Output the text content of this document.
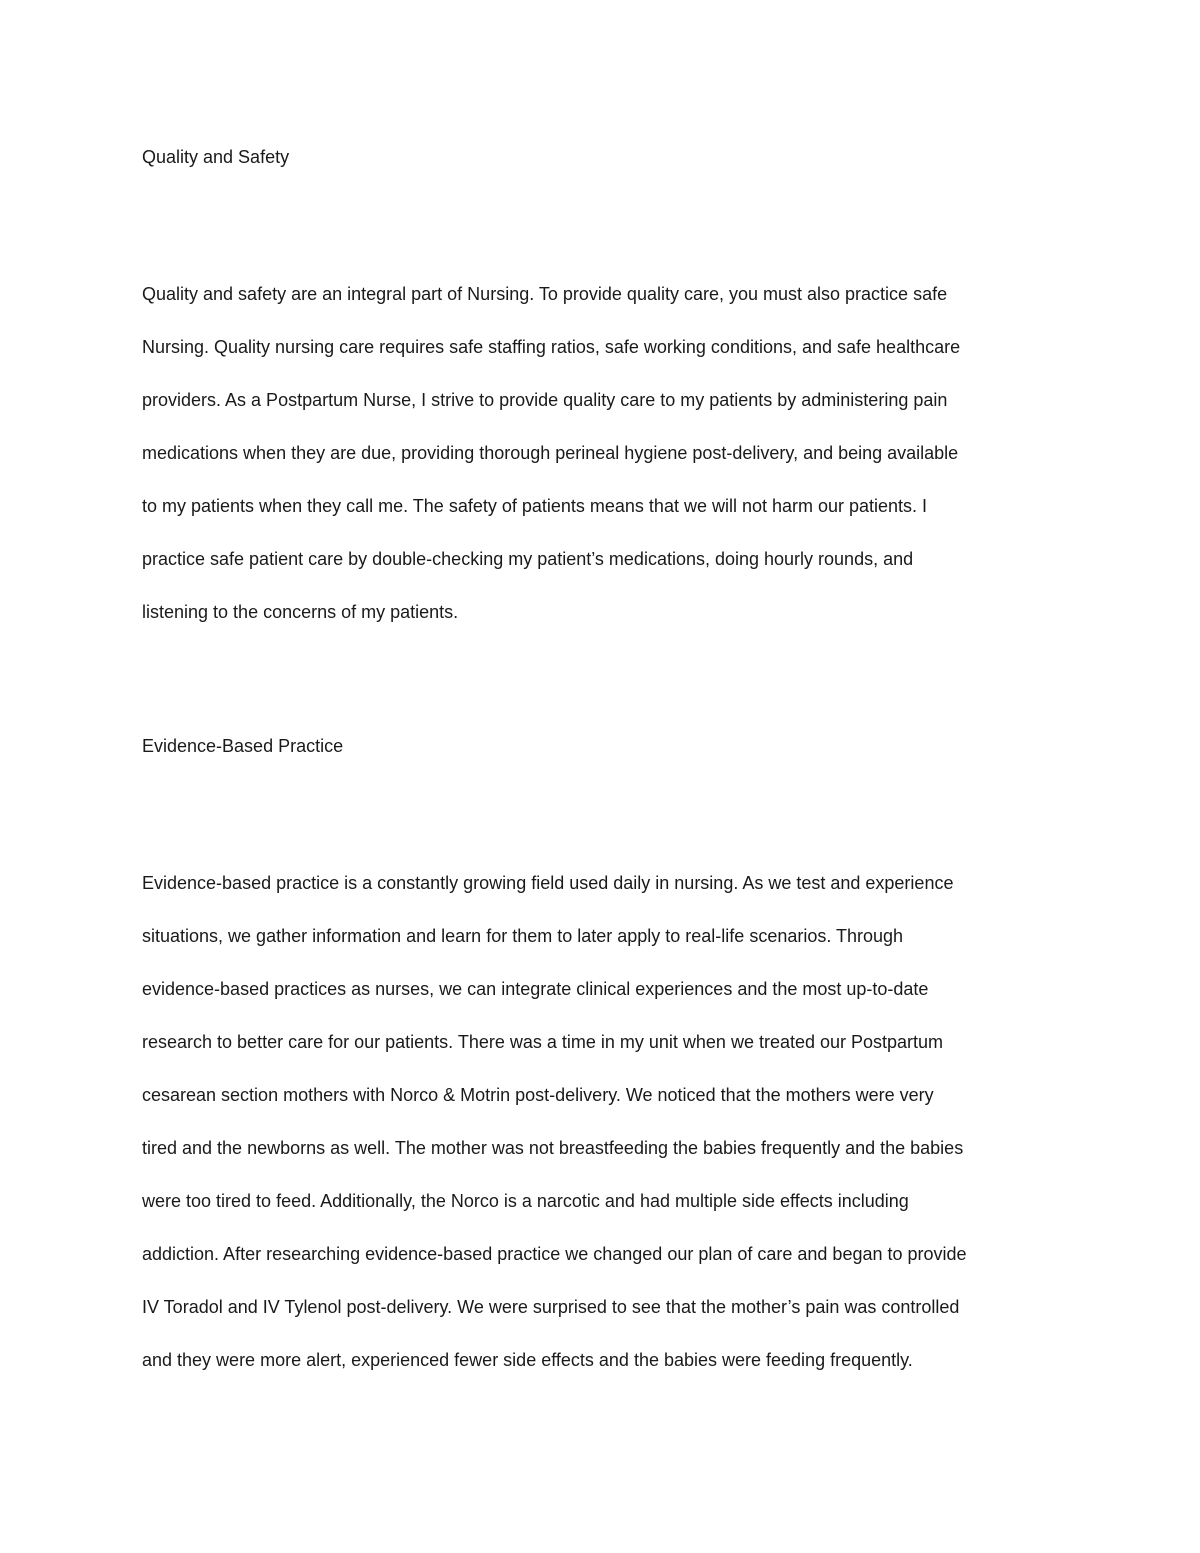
Quality and Safety
Quality and safety are an integral part of Nursing. To provide quality care, you must also practice safe
Nursing. Quality nursing care requires safe staffing ratios, safe working conditions, and safe healthcare
providers. As a Postpartum Nurse, I strive to provide quality care to my patients by administering pain
medications when they are due, providing thorough perineal hygiene post-delivery, and being available
to my patients when they call me. The safety of patients means that we will not harm our patients. I
practice safe patient care by double-checking my patient’s medications, doing hourly rounds, and
listening to the concerns of my patients.
Evidence-Based Practice
Evidence-based practice is a constantly growing field used daily in nursing. As we test and experience
situations, we gather information and learn for them to later apply to real-life scenarios. Through
evidence-based practices as nurses, we can integrate clinical experiences and the most up-to-date
research to better care for our patients. There was a time in my unit when we treated our Postpartum
cesarean section mothers with Norco & Motrin post-delivery. We noticed that the mothers were very
tired and the newborns as well. The mother was not breastfeeding the babies frequently and the babies
were too tired to feed. Additionally, the Norco is a narcotic and had multiple side effects including
addiction. After researching evidence-based practice we changed our plan of care and began to provide
IV Toradol and IV Tylenol post-delivery. We were surprised to see that the mother’s pain was controlled
and they were more alert, experienced fewer side effects and the babies were feeding frequently.
